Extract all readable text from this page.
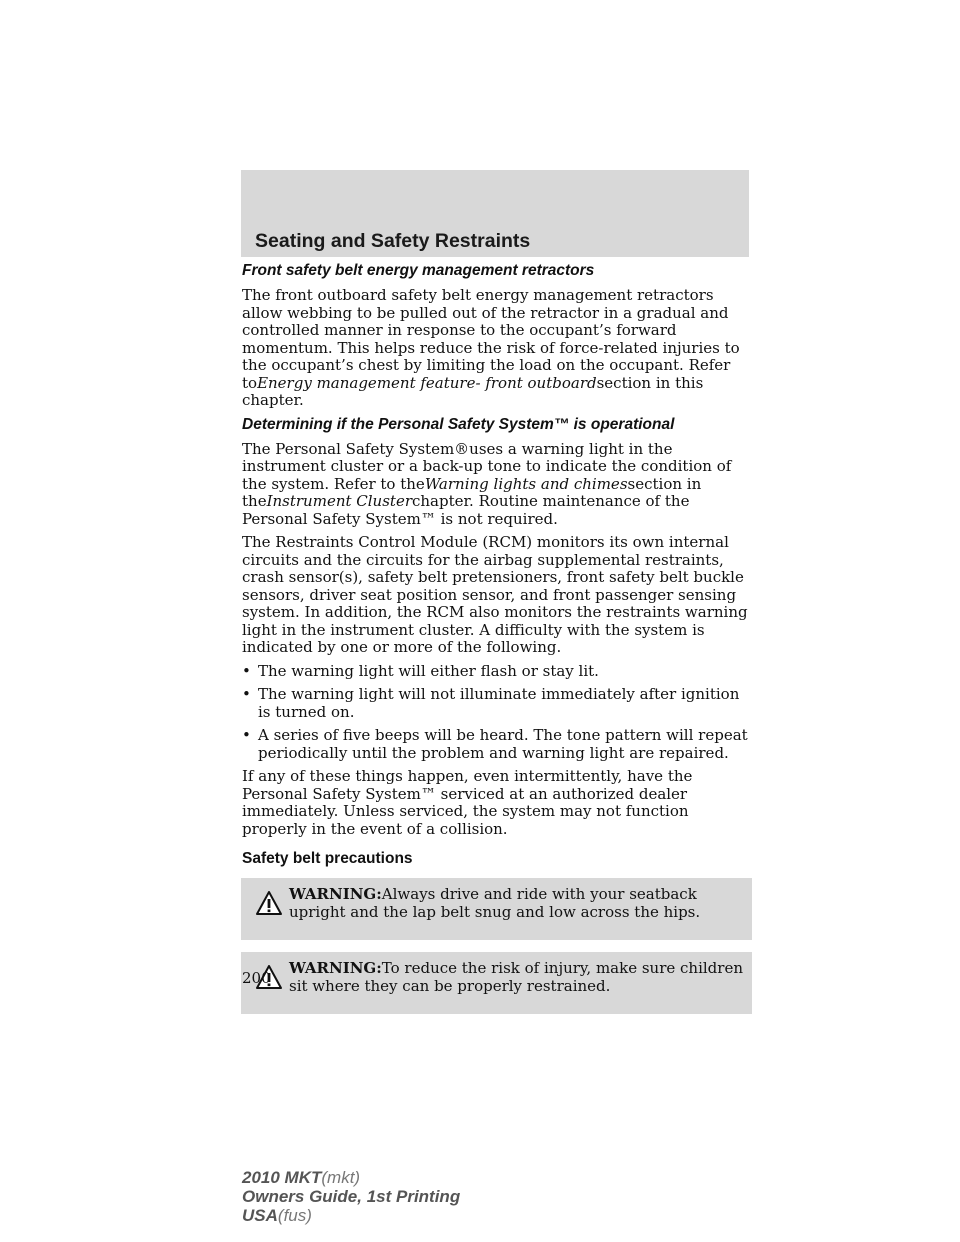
Seating and Safety Restraints
Front safety belt energy management retractors

The front outboard safety belt energy management retractors allow webbing to be pulled out of the retractor in a gradual and controlled manner in response to the occupant’s forward momentum. This helps reduce the risk of force-related injuries to the occupant’s chest by limiting the load on the occupant. Refer toEnergy management feature- front outboardsection in this chapter.

Determining if the Personal Safety System™ is operational

The Personal Safety System®uses a warning light in the instrument cluster or a back-up tone to indicate the condition of the system. Refer to theWarning lights and chimessection in theInstrument Clusterchapter. Routine maintenance of the Personal Safety System™ is not required.

The Restraints Control Module (RCM) monitors its own internal circuits and the circuits for the airbag supplemental restraints, crash sensor(s), safety belt pretensioners, front safety belt buckle sensors, driver seat position sensor, and front passenger sensing system. In addition, the RCM also monitors the restraints warning light in the instrument cluster. A difficulty with the system is indicated by one or more of the following.

• The warning light will either flash or stay lit.
• The warning light will not illuminate immediately after ignition is turned on.
• A series of five beeps will be heard. The tone pattern will repeat periodically until the problem and warning light are repaired.

If any of these things happen, even intermittently, have the Personal Safety System™ serviced at an authorized dealer immediately. Unless serviced, the system may not function properly in the event of a collision.

Safety belt precautions
WARNING:Always drive and ride with your seatback upright and the lap belt snug and low across the hips.
WARNING:To reduce the risk of injury, make sure children sit where they can be properly restrained.
200
2010 MKT(mkt)
Owners Guide, 1st Printing
USA(fus)
